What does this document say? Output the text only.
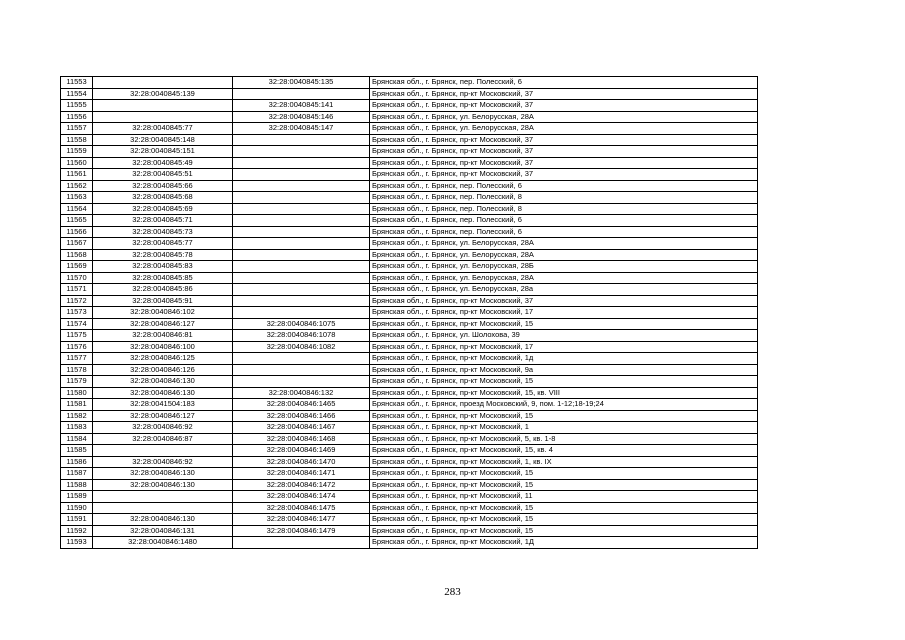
11553		32:28:0040845:135	Брянская обл., г. Брянск, пер. Полесский, 6
11554	32:28:0040845:139		Брянская обл., г. Брянск, пр-кт Московский, 37
11555		32:28:0040845:141	Брянская обл., г. Брянск, пр-кт Московский, 37
11556		32:28:0040845:146	Брянская обл., г. Брянск, ул. Белорусская, 28А
11557	32:28:0040845:77	32:28:0040845:147	Брянская обл., г. Брянск, ул. Белорусская, 28А
11558	32:28:0040845:148		Брянская обл., г. Брянск, пр-кт Московский, 37
11559	32:28:0040845:151		Брянская обл., г. Брянск, пр-кт Московский, 37
11560	32:28:0040845:49		Брянская обл., г. Брянск, пр-кт Московский, 37
11561	32:28:0040845:51		Брянская обл., г. Брянск, пр-кт Московский, 37
11562	32:28:0040845:66		Брянская обл., г. Брянск, пер. Полесский, 6
11563	32:28:0040845:68		Брянская обл., г. Брянск, пер. Полесский, 8
11564	32:28:0040845:69		Брянская обл., г. Брянск, пер. Полесский, 8
11565	32:28:0040845:71		Брянская обл., г. Брянск, пер. Полесский, 6
11566	32:28:0040845:73		Брянская обл., г. Брянск, пер. Полесский, 6
11567	32:28:0040845:77		Брянская обл., г. Брянск, ул. Белорусская, 28А
11568	32:28:0040845:78		Брянская обл., г. Брянск, ул. Белорусская, 28А
11569	32:28:0040845:83		Брянская обл., г. Брянск, ул. Белорусская, 28Б
11570	32:28:0040845:85		Брянская обл., г. Брянск, ул. Белорусская, 28А
11571	32:28:0040845:86		Брянская обл., г. Брянск, ул. Белорусская, 28а
11572	32:28:0040845:91		Брянская обл., г. Брянск, пр-кт Московский, 37
11573	32:28:0040846:102		Брянская обл., г. Брянск, пр-кт Московский, 17
11574	32:28:0040846:127	32:28:0040846:1075	Брянская обл., г. Брянск, пр-кт Московский, 15
11575	32:28:0040846:81	32:28:0040846:1078	Брянская обл., г. Брянск, ул. Шолохова, 39
11576	32:28:0040846:100	32:28:0040846:1082	Брянская обл., г. Брянск, пр-кт Московский, 17
11577	32:28:0040846:125		Брянская обл., г. Брянск, пр-кт Московский, 1д
11578	32:28:0040846:126		Брянская обл., г. Брянск, пр-кт Московский, 9а
11579	32:28:0040846:130		Брянская обл., г. Брянск, пр-кт Московский, 15
11580	32:28:0040846:130	32:28:0040846:132	Брянская обл., г. Брянск, пр-кт Московский, 15, кв. VIII
11581	32:28:0041504:183	32:28:0040846:1465	Брянская обл., г. Брянск, проезд Московский, 9, пом. 1-12;18-19;24
11582	32:28:0040846:127	32:28:0040846:1466	Брянская обл., г. Брянск, пр-кт Московский, 15
11583	32:28:0040846:92	32:28:0040846:1467	Брянская обл., г. Брянск, пр-кт Московский, 1
11584	32:28:0040846:87	32:28:0040846:1468	Брянская обл., г. Брянск, пр-кт Московский, 5, кв. 1-8
11585		32:28:0040846:1469	Брянская обл., г. Брянск, пр-кт Московский, 15, кв. 4
11586	32:28:0040846:92	32:28:0040846:1470	Брянская обл., г. Брянск, пр-кт Московский, 1, кв. IX
11587	32:28:0040846:130	32:28:0040846:1471	Брянская обл., г. Брянск, пр-кт Московский, 15
11588	32:28:0040846:130	32:28:0040846:1472	Брянская обл., г. Брянск, пр-кт Московский, 15
11589		32:28:0040846:1474	Брянская обл., г. Брянск, пр-кт Московский, 11
11590		32:28:0040846:1475	Брянская обл., г. Брянск, пр-кт Московский, 15
11591	32:28:0040846:130	32:28:0040846:1477	Брянская обл., г. Брянск, пр-кт Московский, 15
11592	32:28:0040846:131	32:28:0040846:1479	Брянская обл., г. Брянск, пр-кт Московский, 15
11593	32:28:0040846:1480		Брянская обл., г. Брянск, пр-кт Московский, 1Д
283
